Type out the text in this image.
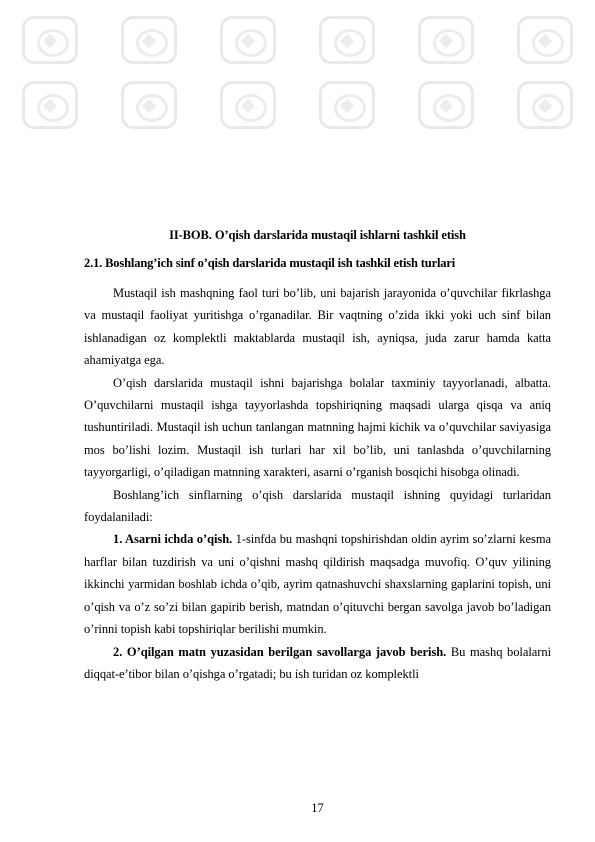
II-BOB. O’qish darslarida mustaqil ishlarni tashkil etish
2.1. Boshlang’ich sinf o’qish darslarida mustaqil ish tashkil etish turlari

Mustaqil ish mashqning faol turi bo’lib, uni bajarish jarayonida o’quvchilar fikrlashga va mustaqil faoliyat yuritishga o’rganadilar. Bir vaqtning o’zida ikki yoki uch sinf bilan ishlanadigan oz komplektli maktablarda mustaqil ish, ayniqsa, juda zarur hamda katta ahamiyatga ega.

O’qish darslarida mustaqil ishni bajarishga bolalar taxminiy tayyorlanadi, albatta. O’quvchilarni mustaqil ishga tayyorlashda topshiriqning maqsadi ularga qisqa va aniq tushuntiriladi. Mustaqil ish uchun tanlangan matnning hajmi kichik va o’quvchilar saviyasiga mos bo’lishi lozim. Mustaqil ish turlari har xil bo’lib, uni tanlashda o’quvchilarning tayyorgarligi, o’qiladigan matnning xarakteri, asarni o’rganish bosqichi hisobga olinadi.

Boshlang’ich sinflarning o’qish darslarida mustaqil ishning quyidagi turlaridan foydalaniladi:

1. Asarni ichda o’qish. 1-sinfda bu mashqni topshirishdan oldin ayrim so’zlarni kesma harflar bilan tuzdirish va uni o’qishni mashq qildirish maqsadga muvofiq. O’quv yilining ikkinchi yarmidan boshlab ichda o’qib, ayrim qatnashuvchi shaxslarning gaplarini topish, uni o’qish va o’z so’zi bilan gapirib berish, matndan o’qituvchi bergan savolga javob bo’ladigan o’rinni topish kabi topshiriqlar berilishi mumkin.

2. O’qilgan matn yuzasidan berilgan savollarga javob berish. Bu mashq bolalarni diqqat-e’tibor bilan o’qishga o’rgatadi; bu ish turidan oz komplektli

17
